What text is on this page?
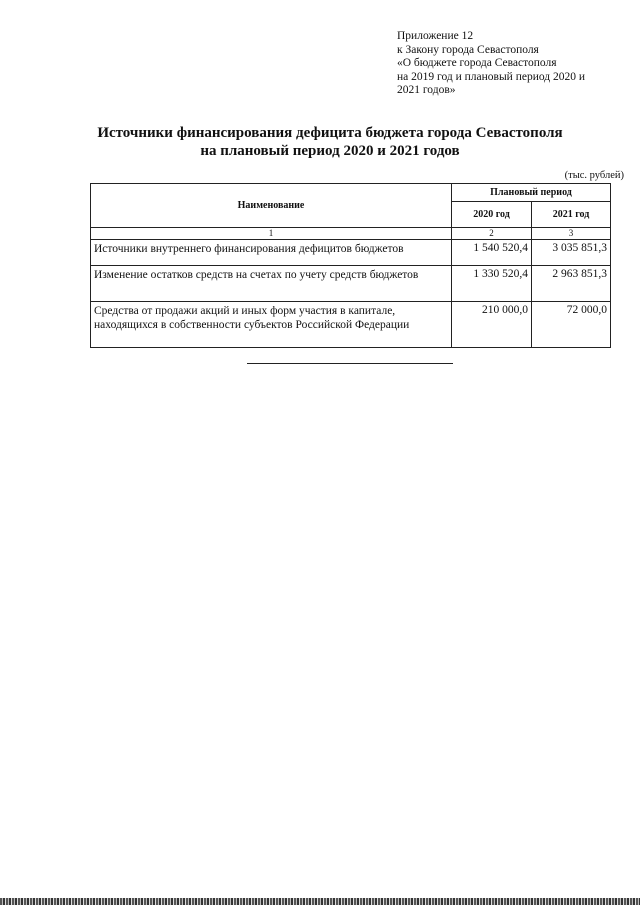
Приложение 12
к Закону города Севастополя
«О бюджете города Севастополя
на 2019 год и плановый период 2020 и
2021 годов»
Источники финансирования дефицита бюджета города Севастополя
на плановый период 2020 и 2021 годов
(тыс. рублей)
Наименование	Плановый период	
	2020 год	2021 год
1	2	3
Источники внутреннего финансирования дефицитов бюджетов	1 540 520,4	3 035 851,3
Изменение остатков средств на счетах по учету средств бюджетов	1 330 520,4	2 963 851,3
Средства от продажи акций и иных форм участия в капитале, находящихся в собственности субъектов Российской Федерации	210 000,0	72 000,0
